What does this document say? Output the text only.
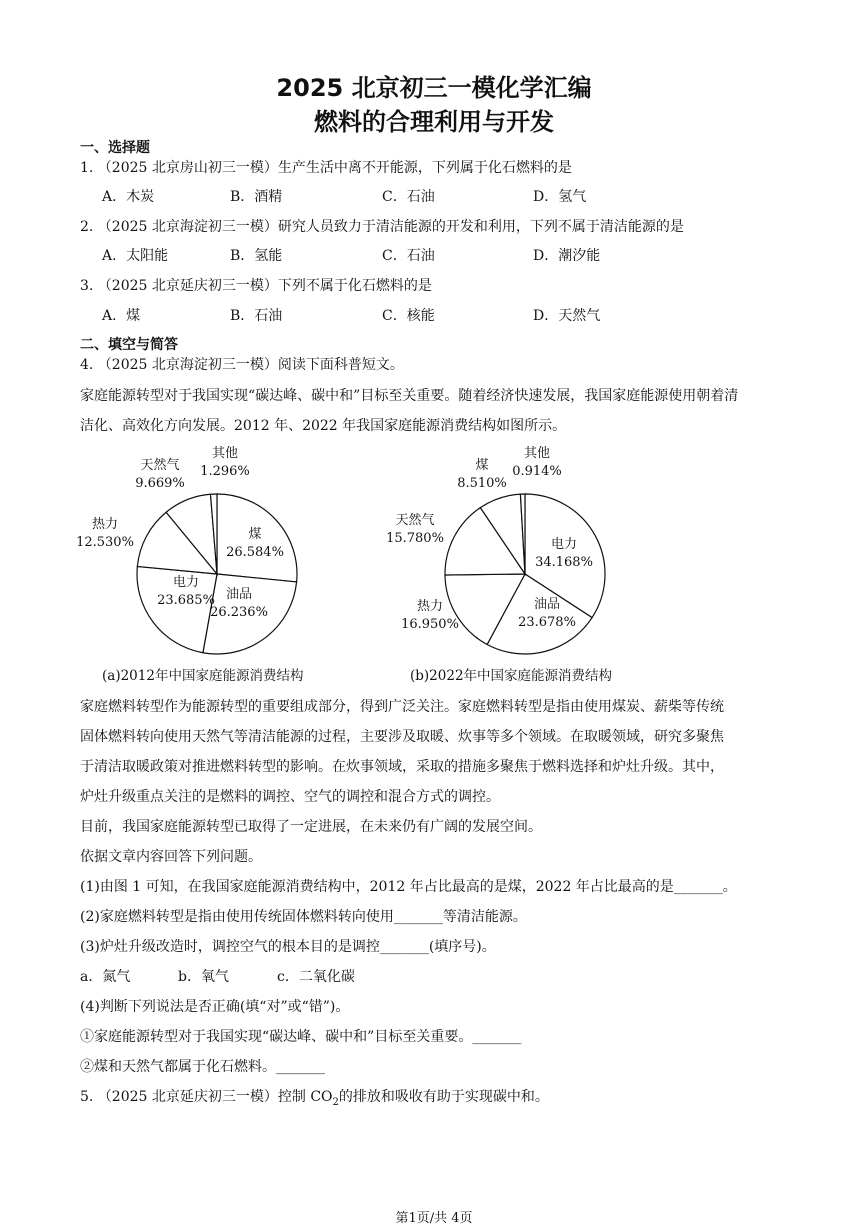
2025 北京初三一模化学汇编
燃料的合理利用与开发
一、选择题
1. （2025 北京房山初三一模）生产生活中离不开能源，下列属于化石燃料的是
A．木炭	B．酒精	C．石油	D．氢气
2. （2025 北京海淀初三一模）研究人员致力于清洁能源的开发和利用，下列不属于清洁能源的是
A．太阳能	B．氢能	C．石油	D．潮汐能
3. （2025 北京延庆初三一模）下列不属于化石燃料的是
A．煤	B．石油	C．核能	D．天然气
二、填空与简答
4. （2025 北京海淀初三一模）阅读下面科普短文。
家庭能源转型对于我国实现“碳达峰、碳中和”目标至关重要。随着经济快速发展，我国家庭能源使用朝着清
洁化、高效化方向发展。2012 年、2022 年我国家庭能源消费结构如图所示。
煤
26.584%
油品
26.236%
电力
23.685%
热力
12.530%
天然气
9.669%
其他
1.296%
电力
34.168%
油品
23.678%
热力
16.950%
天然气
15.780%
煤
8.510%
其他
0.914%
(a)2012年中国家庭能源消费结构	(b)2022年中国家庭能源消费结构
家庭燃料转型作为能源转型的重要组成部分，得到广泛关注。家庭燃料转型是指由使用煤炭、薪柴等传统
固体燃料转向使用天然气等清洁能源的过程，主要涉及取暖、炊事等多个领域。在取暖领域，研究多聚焦
于清洁取暖政策对推进燃料转型的影响。在炊事领域，采取的措施多聚焦于燃料选择和炉灶升级。其中，
炉灶升级重点关注的是燃料的调控、空气的调控和混合方式的调控。
目前，我国家庭能源转型已取得了一定进展，在未来仍有广阔的发展空间。
依据文章内容回答下列问题。
(1)由图 1 可知，在我国家庭能源消费结构中，2012 年占比最高的是煤，2022 年占比最高的是_______。
(2)家庭燃料转型是指由使用传统固体燃料转向使用_______等清洁能源。
(3)炉灶升级改造时，调控空气的根本目的是调控_______(填序号)。
a．氮气	b．氧气	c．二氧化碳
(4)判断下列说法是否正确(填“对”或“错”)。
①家庭能源转型对于我国实现“碳达峰、碳中和”目标至关重要。_______
②煤和天然气都属于化石燃料。_______
5. （2025 北京延庆初三一模）控制 $CO_2$的排放和吸收有助于实现碳中和。
第1页/共 4页
